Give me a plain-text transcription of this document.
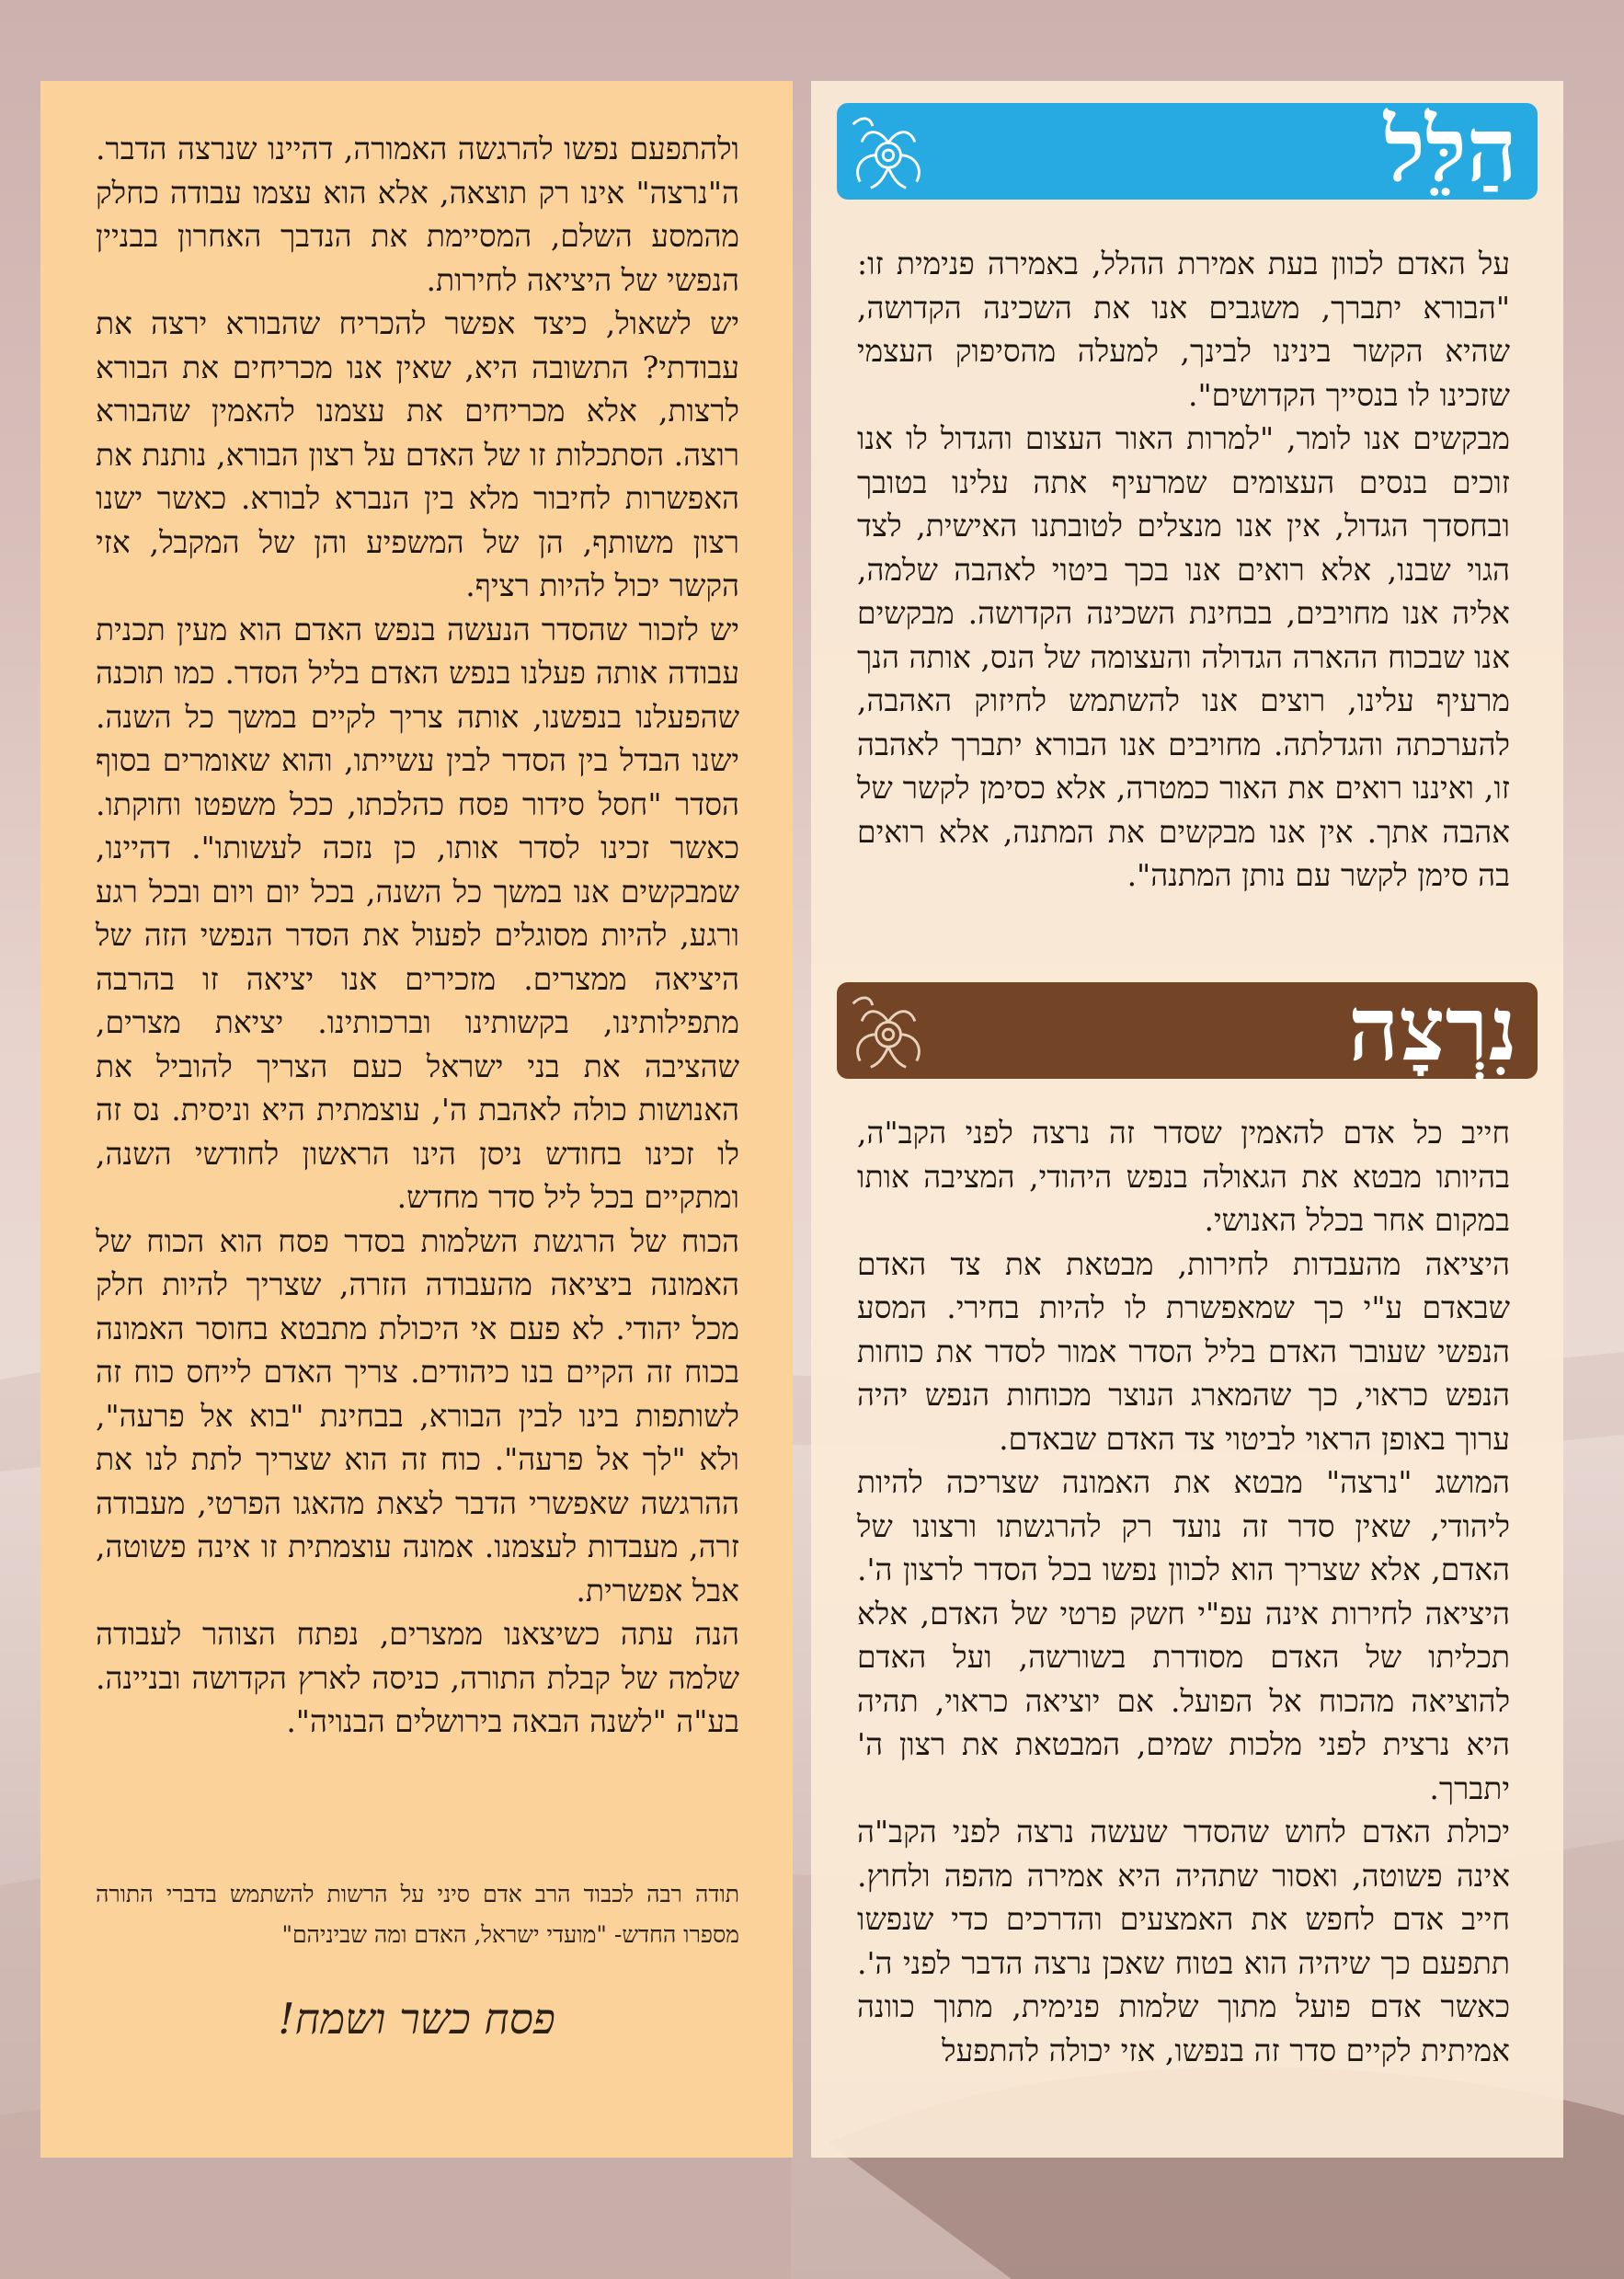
ולהתפעם נפשו להרגשה האמורה, דהיינו שנרצה הדבר. ה"נרצה" אינו רק תוצאה, אלא הוא עצמו עבודה כחלק מהמסע השלם, המסיימת את הנדבך האחרון בבניין הנפשי של היציאה לחירות.

יש לשאול, כיצד אפשר להכריח שהבורא ירצה את עבודתי? התשובה היא, שאין אנו מכריחים את הבורא לרצות, אלא מכריחים את עצמנו להאמין שהבורא רוצה. הסתכלות זו של האדם על רצון הבורא, נותנת את האפשרות לחיבור מלא בין הנברא לבורא. כאשר ישנו רצון משותף, הן של המשפיע והן של המקבל, אזי הקשר יכול להיות רציף.

יש לזכור שהסדר הנעשה בנפש האדם הוא מעין תכנית עבודה אותה פעלנו בנפש האדם בליל הסדר. כמו תוכנה שהפעלנו בנפשנו, אותה צריך לקיים במשך כל השנה. ישנו הבדל בין הסדר לבין עשייתו, והוא שאומרים בסוף הסדר "חסל סידור פסח כהלכתו, ככל משפטו וחוקתו. כאשר זכינו לסדר אותו, כן נזכה לעשותו". דהיינו, שמבקשים אנו במשך כל השנה, בכל יום ויום ובכל רגע ורגע, להיות מסוגלים לפעול את הסדר הנפשי הזה של היציאה ממצרים. מזכירים אנו יציאה זו בהרבה מתפילותינו, בקשותינו וברכותינו. יציאת מצרים, שהציבה את בני ישראל כעם הצריך להוביל את האנושות כולה לאהבת ה', עוצמתית היא וניסית. נס זה לו זכינו בחודש ניסן הינו הראשון לחודשי השנה, ומתקיים בכל ליל סדר מחדש.

הכוח של הרגשת השלמות בסדר פסח הוא הכוח של האמונה ביציאה מהעבודה הזרה, שצריך להיות חלק מכל יהודי. לא פעם אי היכולת מתבטא בחוסר האמונה בכוח זה הקיים בנו כיהודים. צריך האדם לייחס כוח זה לשותפות בינו לבין הבורא, בבחינת "בוא אל פרעה", ולא "לך אל פרעה". כוח זה הוא שצריך לתת לנו את ההרגשה שאפשרי הדבר לצאת מהאגו הפרטי, מעבודה זרה, מעבדות לעצמנו. אמונה עוצמתית זו אינה פשוטה, אבל אפשרית.

הנה עתה כשיצאנו ממצרים, נפתח הצוהר לעבודה שלמה של קבלת התורה, כניסה לארץ הקדושה ובניינה. בע"ה "לשנה הבאה בירושלים הבנויה".

תודה רבה לכבוד הרב אדם סיני על הרשות להשתמש בדברי התורה מספרו החדש- "מועדי ישראל, האדם ומה שביניהם"
פסח כשר ושמח!
הַלֵּל

על האדם לכוון בעת אמירת ההלל, באמירה פנימית זו: "הבורא יתברך, משגבים אנו את השכינה הקדושה, שהיא הקשר בינינו לבינך, למעלה מהסיפוק העצמי שזכינו לו בנסייך הקדושים".

מבקשים אנו לומר, "למרות האור העצום והגדול לו אנו זוכים בנסים העצומים שמרעיף אתה עלינו בטובך ובחסדך הגדול, אין אנו מנצלים לטובתנו האישית, לצד הגוי שבנו, אלא רואים אנו בכך ביטוי לאהבה שלמה, אליה אנו מחויבים, בבחינת השכינה הקדושה. מבקשים אנו שבכוח ההארה הגדולה והעצומה של הנס, אותה הנך מרעיף עלינו, רוצים אנו להשתמש לחיזוק האהבה, להערכתה והגדלתה. מחויבים אנו הבורא יתברך לאהבה זו, ואיננו רואים את האור כמטרה, אלא כסימן לקשר של אהבה אתך. אין אנו מבקשים את המתנה, אלא רואים בה סימן לקשר עם נותן המתנה".

נִרְצָה

חייב כל אדם להאמין שסדר זה נרצה לפני הקב"ה, בהיותו מבטא את הגאולה בנפש היהודי, המציבה אותו במקום אחר בכלל האנושי.

היציאה מהעבדות לחירות, מבטאת את צד האדם שבאדם ע"י כך שמאפשרת לו להיות בחירי. המסע הנפשי שעובר האדם בליל הסדר אמור לסדר את כוחות הנפש כראוי, כך שהמארג הנוצר מכוחות הנפש יהיה ערוך באופן הראוי לביטוי צד האדם שבאדם.

המושג "נרצה" מבטא את האמונה שצריכה להיות ליהודי, שאין סדר זה נועד רק להרגשתו ורצונו של האדם, אלא שצריך הוא לכוון נפשו בכל הסדר לרצון ה'. היציאה לחירות אינה עפ"י חשק פרטי של האדם, אלא תכליתו של האדם מסודרת בשורשה, ועל האדם להוציאה מהכוח אל הפועל. אם יוציאה כראוי, תהיה היא נרצית לפני מלכות שמים, המבטאת את רצון ה' יתברך.

יכולת האדם לחוש שהסדר שעשה נרצה לפני הקב"ה אינה פשוטה, ואסור שתהיה היא אמירה מהפה ולחוץ. חייב אדם לחפש את האמצעים והדרכים כדי שנפשו תתפעם כך שיהיה הוא בטוח שאכן נרצה הדבר לפני ה'. כאשר אדם פועל מתוך שלמות פנימית, מתוך כוונה אמיתית לקיים סדר זה בנפשו, אזי יכולה להתפעל
